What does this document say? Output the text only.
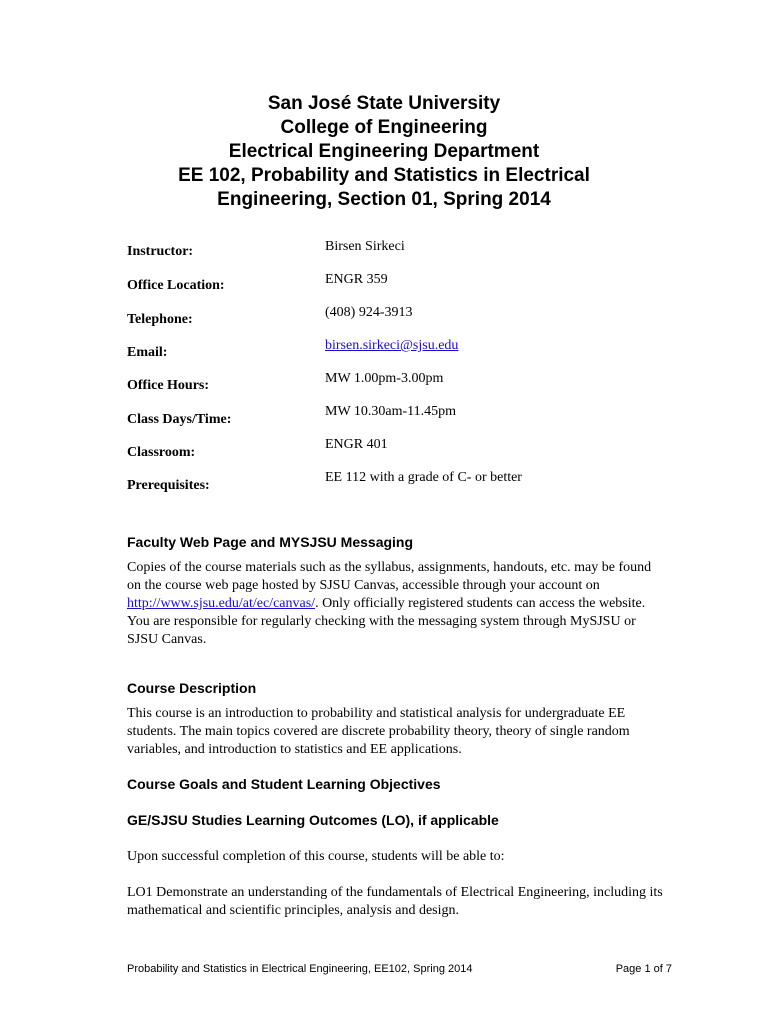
San José State University
College of Engineering
Electrical Engineering Department
EE 102, Probability and Statistics in Electrical
Engineering, Section 01, Spring 2014
Instructor:	Birsen Sirkeci
Office Location:	ENGR 359
Telephone:	(408) 924-3913
Email:	birsen.sirkeci@sjsu.edu
Office Hours:	MW 1.00pm-3.00pm
Class Days/Time:
MW 10.30am-11.45pm
Classroom:
ENGR 401
Prerequisites:
EE 112 with a grade of C- or better
Faculty Web Page and MYSJSU Messaging
Copies of the course materials such as the syllabus, assignments, handouts, etc. may be found on the course web page hosted by SJSU Canvas, accessible through your account on http://www.sjsu.edu/at/ec/canvas/. Only officially registered students can access the website. You are responsible for regularly checking with the messaging system through MySJSU or SJSU Canvas.
Course Description
This course is an introduction to probability and statistical analysis for undergraduate EE students. The main topics covered are discrete probability theory, theory of single random variables, and introduction to statistics and EE applications.
Course Goals and Student Learning Objectives
GE/SJSU Studies Learning Outcomes (LO), if applicable
Upon successful completion of this course, students will be able to:
LO1 Demonstrate an understanding of the fundamentals of Electrical Engineering, including its mathematical and scientific principles, analysis and design.
Probability and Statistics in Electrical Engineering, EE102, Spring 2014	Page 1 of 7
